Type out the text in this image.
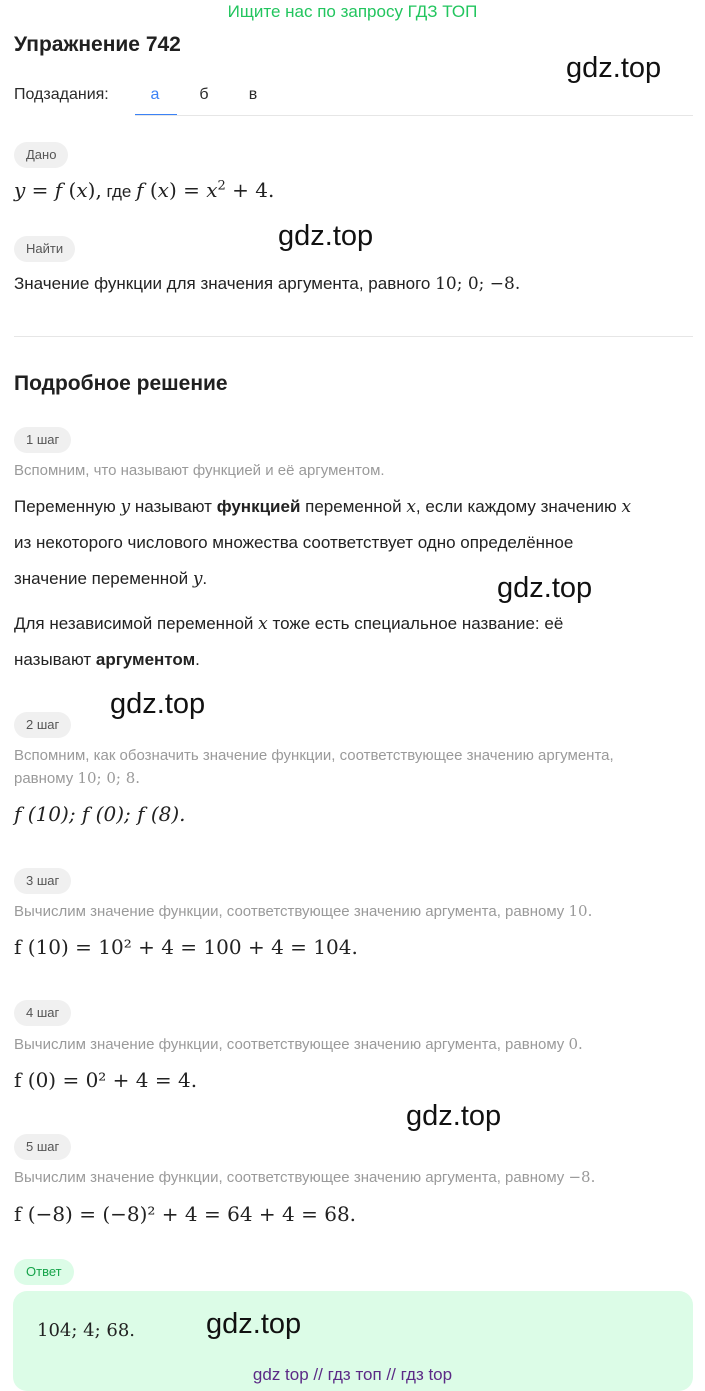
Ищите нас по запросу ГДЗ ТОП
Упражнение 742
gdz.top
Подзадания:	а	б	в
Дано
y = f (x), где f $(x) = x^2 + 4$.
Найти	gdz.top
Значение функции для значения аргумента, равного 10; 0; −8.
Подробное решение
1 шаг
Вспомним, что называют функцией и её аргументом.
Переменную y называют функцией переменной x, если каждому значению x
из некоторого числового множества соответствует одно определённое
значение переменной y.	gdz.top
Для независимой переменной x тоже есть специальное название: её
называют аргументом.
2 шаг
gdz.top
Вспомним, как обозначить значение функции, соответствующее значению аргумента,
равному 10; 0; 8.
f (10); f (0); f (8).
3 шаг
Вычислим значение функции, соответствующее значению аргумента, равному 10.
f (10) = 10² + 4 = 100 + 4 = 104.
4 шаг
Вычислим значение функции, соответствующее значению аргумента, равному 0.
f (0) = 0² + 4 = 4.
gdz.top
5 шаг
Вычислим значение функции, соответствующее значению аргумента, равному −8.
f (−8) = (−8)² + 4 = 64 + 4 = 68.
Ответ
104; 4; 68. gdz.top
gdz top // гдз топ // гдз top
